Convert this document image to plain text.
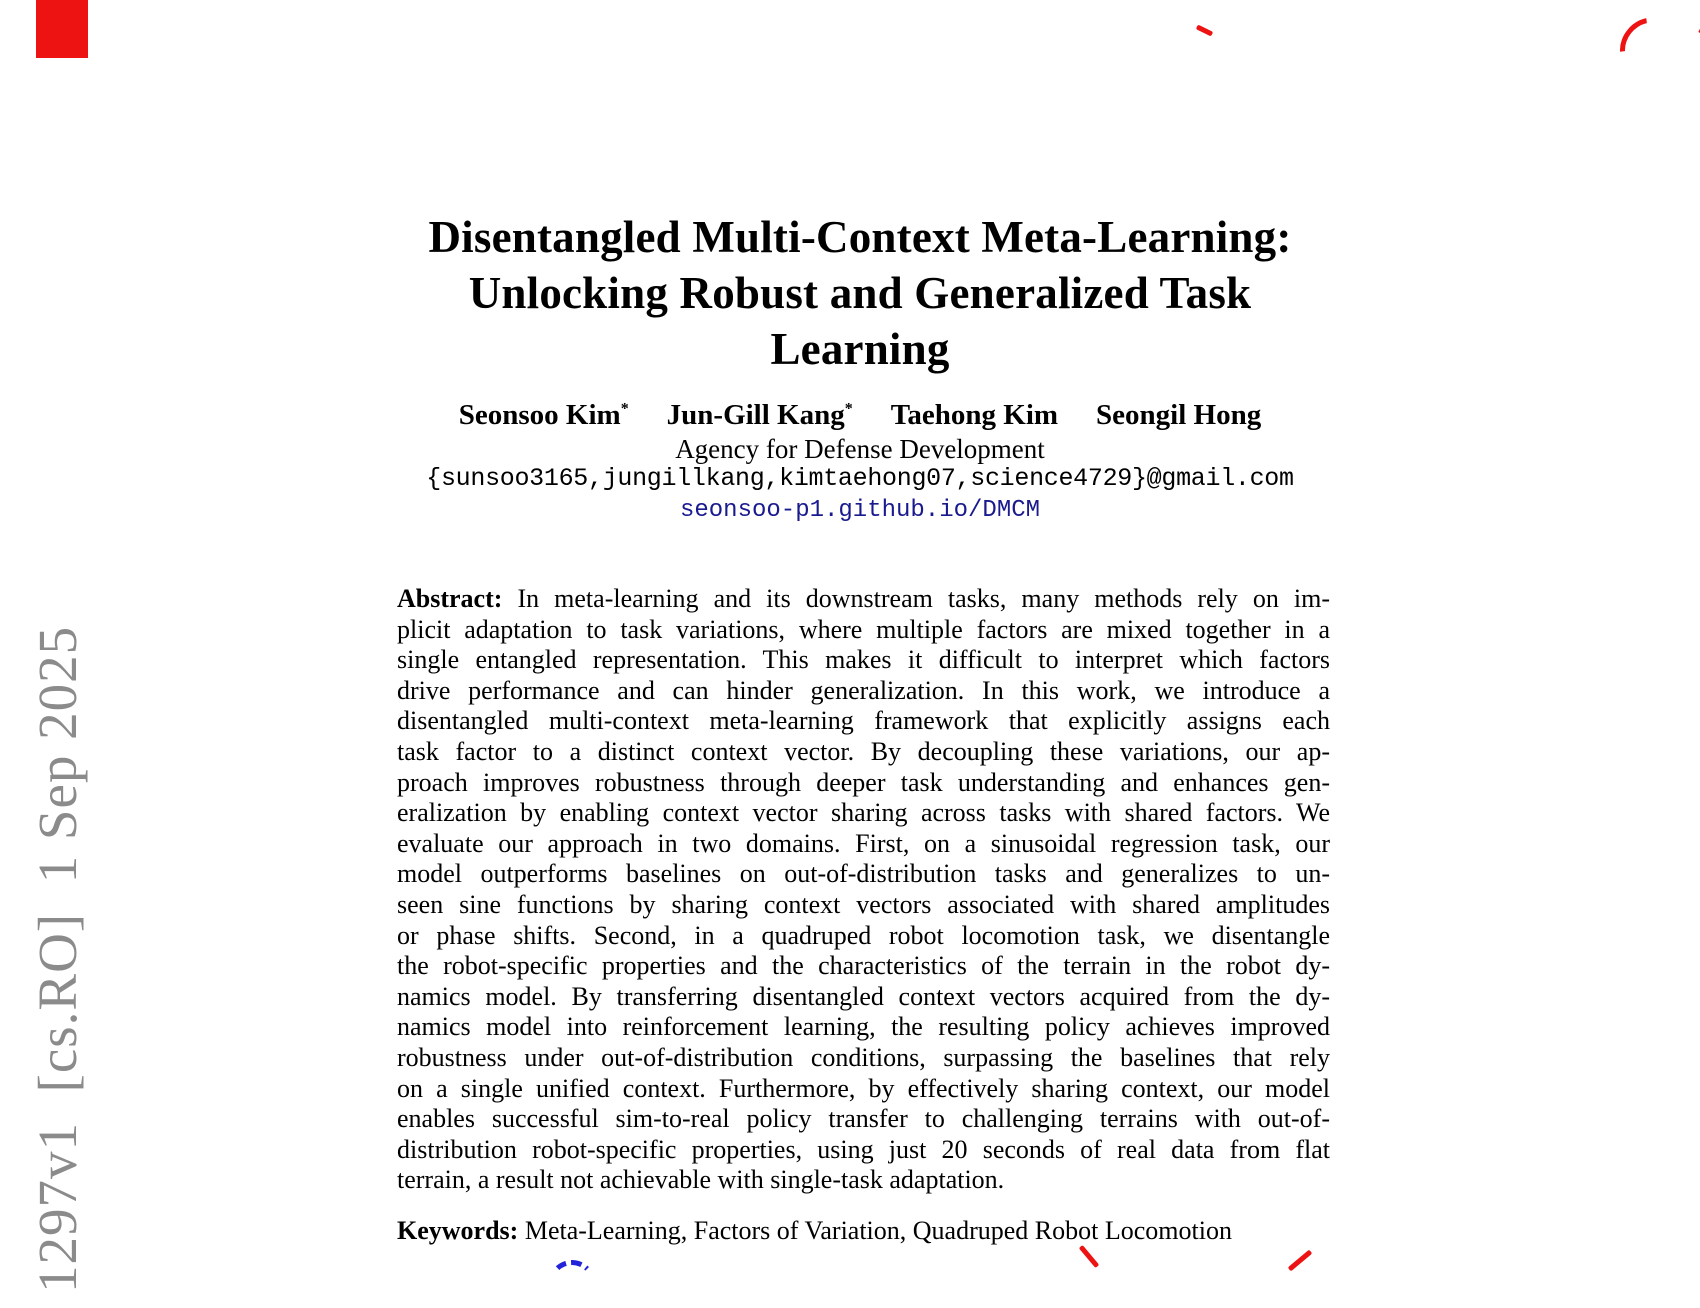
1297v1  [cs.RO]  1 Sep 2025
Disentangled Multi-Context Meta-Learning:
Unlocking Robust and Generalized Task Learning
Seonsoo Kim* Jun-Gill Kang* Taehong Kim Seongil Hong
Agency for Defense Development
{sunsoo3165,jungillkang,kimtaehong07,science4729}@gmail.com
seonsoo-p1.github.io/DMCM
Abstract: In meta-learning and its downstream tasks, many methods rely on im-
plicit adaptation to task variations, where multiple factors are mixed together in a
single entangled representation. This makes it difficult to interpret which factors
drive performance and can hinder generalization. In this work, we introduce a
disentangled multi-context meta-learning framework that explicitly assigns each
task factor to a distinct context vector. By decoupling these variations, our ap-
proach improves robustness through deeper task understanding and enhances gen-
eralization by enabling context vector sharing across tasks with shared factors. We
evaluate our approach in two domains. First, on a sinusoidal regression task, our
model outperforms baselines on out-of-distribution tasks and generalizes to un-
seen sine functions by sharing context vectors associated with shared amplitudes
or phase shifts. Second, in a quadruped robot locomotion task, we disentangle
the robot-specific properties and the characteristics of the terrain in the robot dy-
namics model. By transferring disentangled context vectors acquired from the dy-
namics model into reinforcement learning, the resulting policy achieves improved
robustness under out-of-distribution conditions, surpassing the baselines that rely
on a single unified context. Furthermore, by effectively sharing context, our model
enables successful sim-to-real policy transfer to challenging terrains with out-of-
distribution robot-specific properties, using just 20 seconds of real data from flat
terrain, a result not achievable with single-task adaptation.
Keywords: Meta-Learning, Factors of Variation, Quadruped Robot Locomotion
